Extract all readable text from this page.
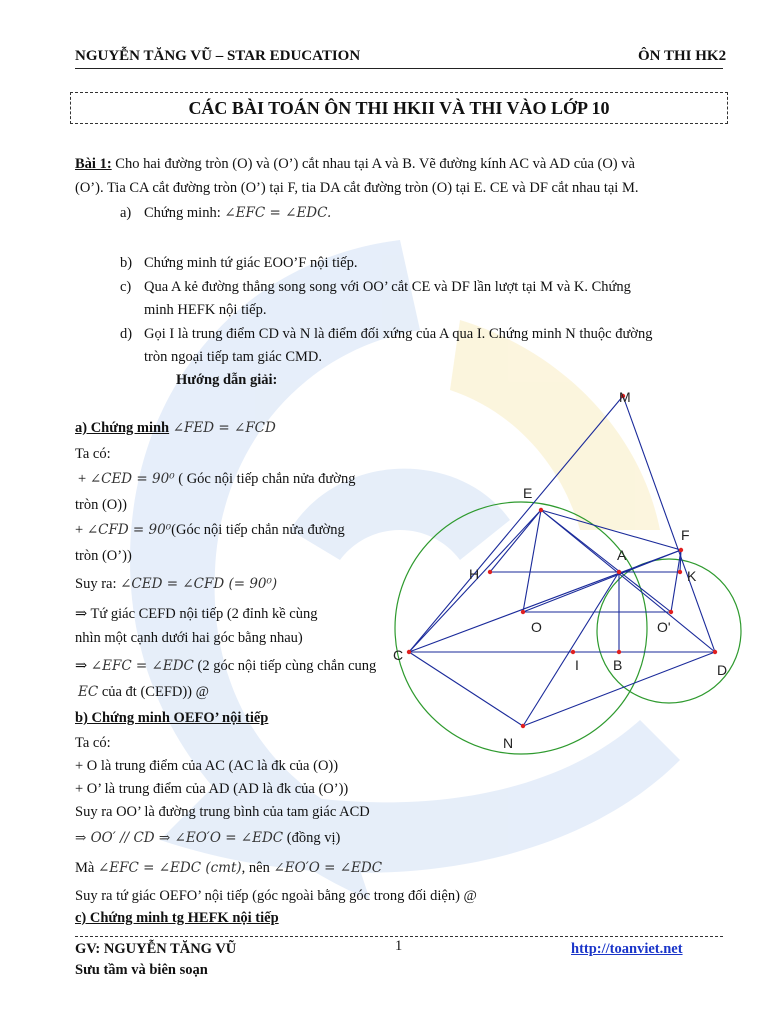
NGUYỄN TĂNG VŨ – STAR EDUCATION	ÔN THI HK2
CÁC BÀI TOÁN ÔN THI HKII VÀ THI VÀO LỚP 10
Bài 1: Cho hai đường tròn (O) và (O’) cắt nhau tại A và B. Vẽ đường kính AC và AD của (O) và
(O’). Tia CA cắt đường tròn (O’) tại F, tia DA cắt đường tròn (O) tại E. CE và DF cắt nhau tại M.
a) Chứng minh: ∠EFC = ∠EDC.
b) Chứng minh tứ giác EOO’F nội tiếp.
c) Qua A kẻ đường thẳng song song với OO’ cắt CE và DF lần lượt tại M và K. Chứng
minh HEFK nội tiếp.
d) Gọi I là trung điểm CD và N là điểm đối xứng của A qua I. Chứng minh N thuộc đường
tròn ngoại tiếp tam giác CMD.
Hướng dẫn giải:
a) Chứng minh ∠FED = ∠FCD
Ta có:
+ ∠CED = 90⁰ ( Góc nội tiếp chắn nửa đường
tròn (O))
+ ∠CFD = 90⁰(Góc nội tiếp chắn nửa đường
tròn (O’))
Suy ra: ∠CED = ∠CFD (= 90⁰)
⇒ Tứ giác CEFD nội tiếp (2 đỉnh kề cùng
nhìn một cạnh dưới hai góc bằng nhau)
⇒ ∠EFC = ∠EDC (2 góc nội tiếp cùng chắn cung
EC của đt (CEFD)) @
b) Chứng minh OEFO’ nội tiếp
Ta có:
+ O là trung điểm của AC (AC là đk của (O))
+ O’ là trung điểm của AD (AD là đk của (O’))
Suy ra OO’ là đường trung bình của tam giác ACD
⇒ OO′ // CD ⇒ ∠EO′O = ∠EDC (đồng vị)
Mà ∠EFC = ∠EDC (cmt), nên ∠EO′O = ∠EDC
Suy ra tứ giác OEFO’ nội tiếp (góc ngoài bằng góc trong đối diện) @
c) Chứng minh tg HEFK nội tiếp
M
E
F
A
H	K
O	O'
C
I B	D
N
GV: NGUYỄN TĂNG VŨ
Sưu tầm và biên soạn
1	http://toanviet.net
